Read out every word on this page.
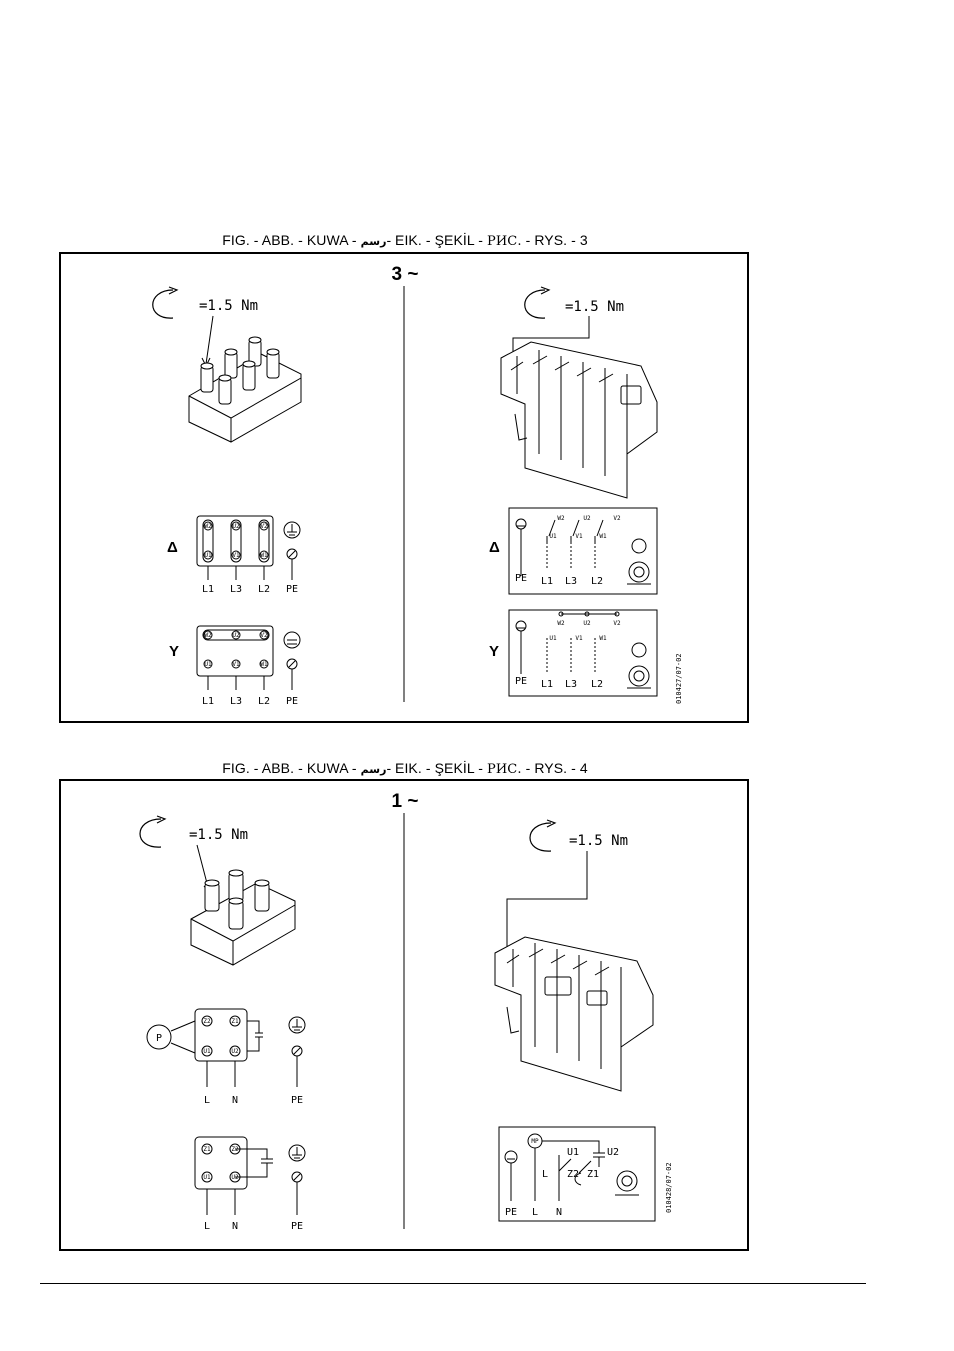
FIG. - ABB. - KUWA - رسم- EIK. - ŞEKİL - РИС. - RYS. - 3
3 ~
=1.5 Nm
Δ
W2	U2	V2
U1	V1	W1
L1 L3 L2 PE
Y
W2	U2	V2
U1	V1	W1
L1 L3 L2 PE
=1.5 Nm
Δ
W2	U2	V2
U1	V1	W1
PE L1 L3 L2
Y
W2	U2	V2
U1	V1	W1
PE L1 L3 L2	010427/07-02
FIG. - ABB. - KUWA - رسم- EIK. - ŞEKİL - РИС. - RYS. - 4
1 ~
=1.5 Nm
P
Z2	Z1
U1	U2
L N	PE
Z1	Z2
U1	U2
L N	PE
=1.5 Nm
MP
U1	U2
L Z2 Z1
PE L N	010428/07-02
